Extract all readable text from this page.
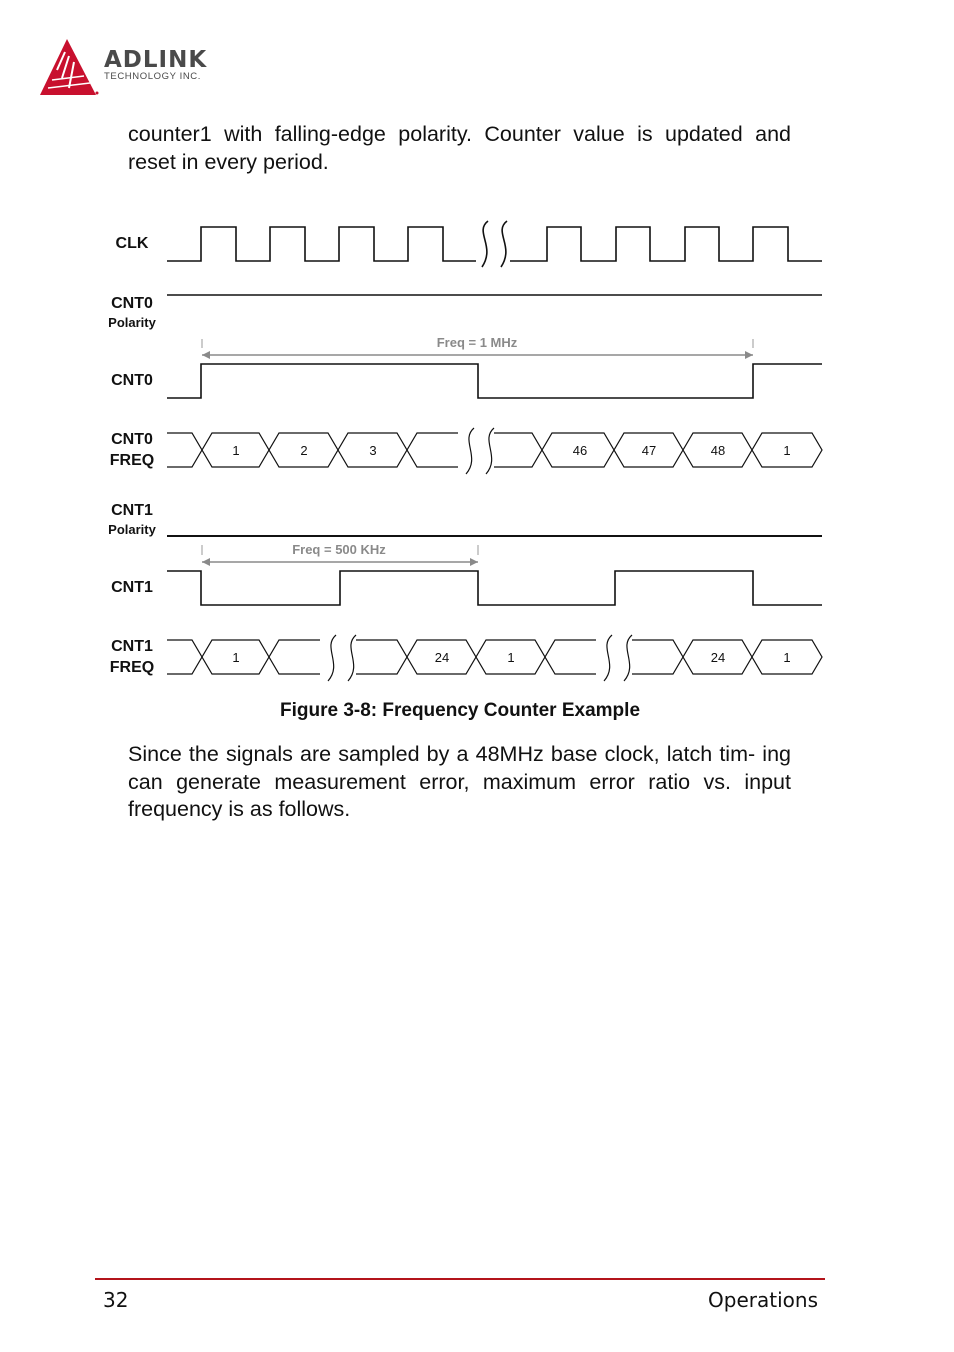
ADLINK
TECHNOLOGY INC.

counter1 with falling-edge polarity. Counter value is updated and reset in every period.

CLK
CNT0
Polarity
CNT0
CNT0
FREQ
CNT1
Polarity
CNT1
CNT1
FREQ
Freq = 1 MHz
1	2	3	46	47	48	1
Freq = 500 KHz
1	24	1	24	1
Figure 3-8: Frequency Counter Example

Since the signals are sampled by a 48MHz base clock, latch tim- ing can generate measurement error, maximum error ratio vs. input frequency is as follows.

32	Operations
